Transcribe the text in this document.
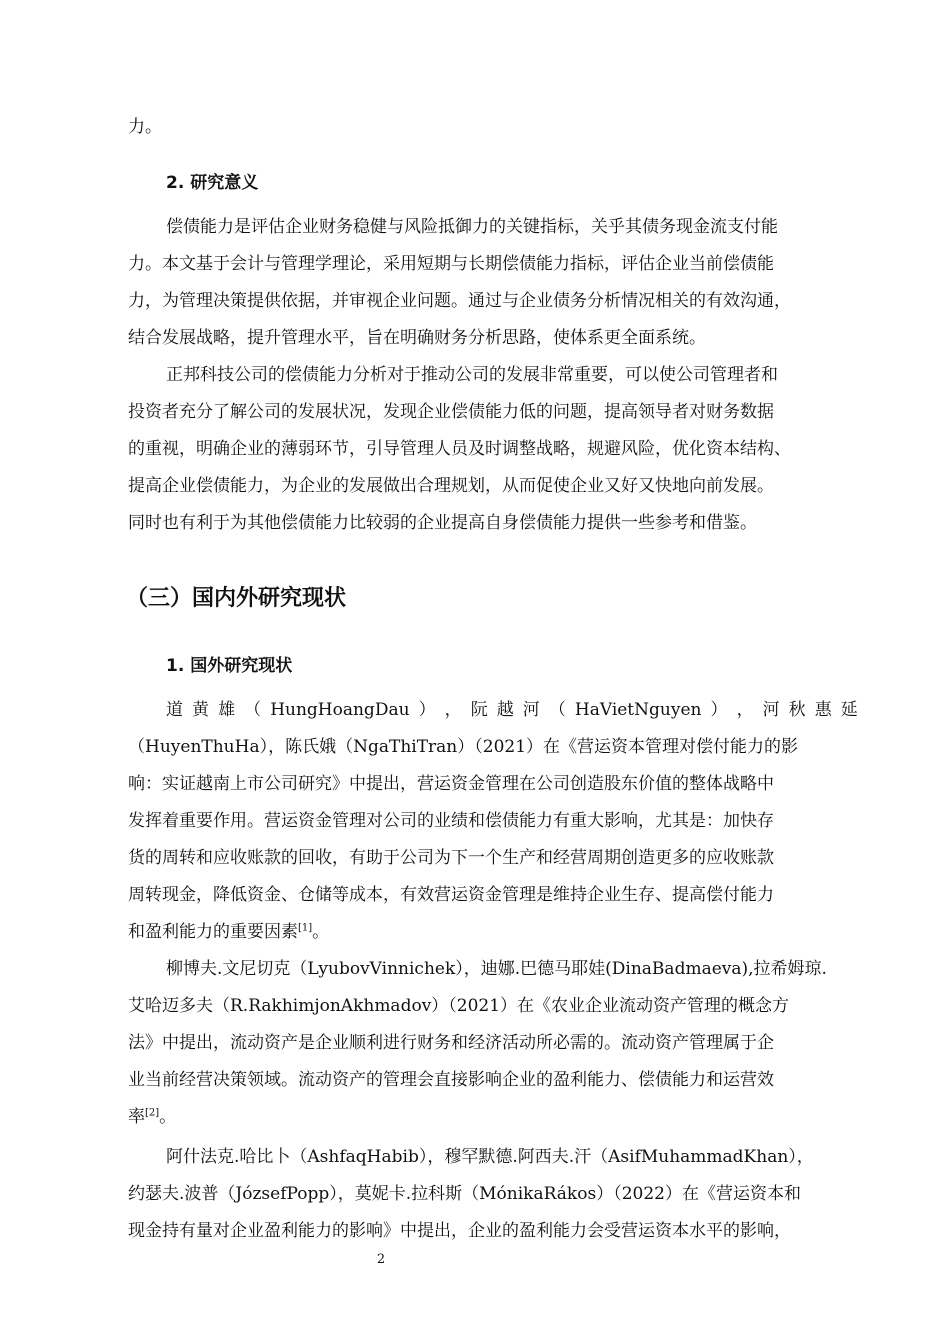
力。
2. 研究意义
偿债能力是评估企业财务稳健与风险抵御力的关键指标，关乎其债务现金流支付能
力。本文基于会计与管理学理论，采用短期与长期偿债能力指标，评估企业当前偿债能
力，为管理决策提供依据，并审视企业问题。通过与企业债务分析情况相关的有效沟通，
结合发展战略，提升管理水平，旨在明确财务分析思路，使体系更全面系统。
正邦科技公司的偿债能力分析对于推动公司的发展非常重要，可以使公司管理者和
投资者充分了解公司的发展状况，发现企业偿债能力低的问题，提高领导者对财务数据
的重视，明确企业的薄弱环节，引导管理人员及时调整战略，规避风险，优化资本结构、
提高企业偿债能力，为企业的发展做出合理规划，从而促使企业又好又快地向前发展。
同时也有利于为其他偿债能力比较弱的企业提高自身偿债能力提供一些参考和借鉴。
（三）国内外研究现状
1. 国外研究现状
道 黄 雄 （ HungHoangDau ） ， 阮 越 河 （ HaVietNguyen ） ， 河 秋 惠 延
（HuyenThuHa），陈氏娥（NgaThiTran）（2021）在《营运资本管理对偿付能力的影
响：实证越南上市公司研究》中提出，营运资金管理在公司创造股东价值的整体战略中
发挥着重要作用。营运资金管理对公司的业绩和偿债能力有重大影响，尤其是：加快存
货的周转和应收账款的回收，有助于公司为下一个生产和经营周期创造更多的应收账款
周转现金，降低资金、仓储等成本，有效营运资金管理是维持企业生存、提高偿付能力
和盈利能力的重要因素[1]。
柳博夫.文尼切克（LyubovVinnichek），迪娜.巴德马耶娃(DinaBadmaeva),拉希姆琼.
艾哈迈多夫（R.RakhimjonAkhmadov）（2021）在《农业企业流动资产管理的概念方
法》中提出，流动资产是企业顺利进行财务和经济活动所必需的。流动资产管理属于企
业当前经营决策领域。流动资产的管理会直接影响企业的盈利能力、偿债能力和运营效
率[2]。
阿什法克.哈比卜（AshfaqHabib），穆罕默德.阿西夫.汗（AsifMuhammadKhan），
约瑟夫.波普（JózsefPopp），莫妮卡.拉科斯（MónikaRákos）（2022）在《营运资本和
现金持有量对企业盈利能力的影响》中提出，企业的盈利能力会受营运资本水平的影响，
2
